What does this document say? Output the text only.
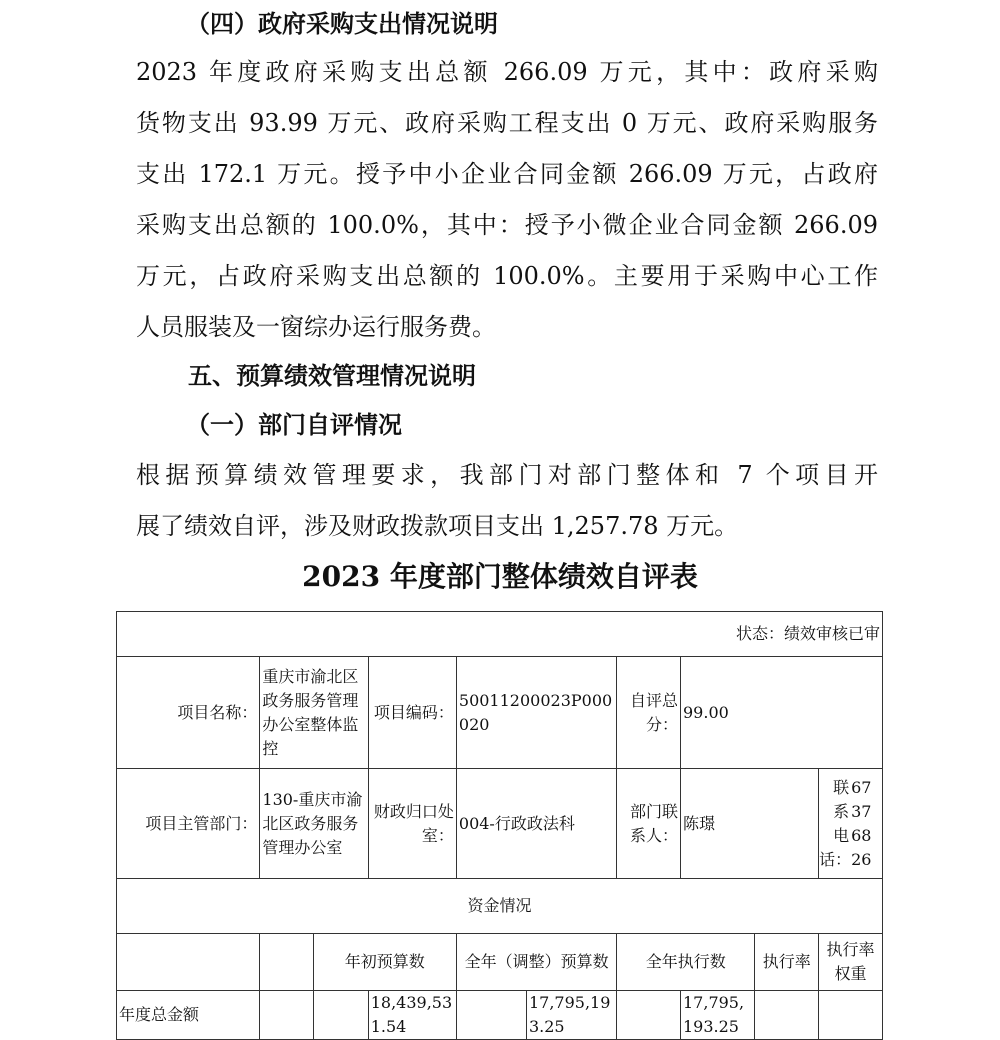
（四）政府采购支出情况说明
2023 年度政府采购支出总额 266.09 万元，其中：政府采购
货物支出 93.99 万元、政府采购工程支出 0 万元、政府采购服务
支出 172.1 万元。授予中小企业合同金额 266.09 万元，占政府
采购支出总额的 100.0%，其中：授予小微企业合同金额 266.09
万元，占政府采购支出总额的 100.0%。主要用于采购中心工作
人员服装及一窗综办运行服务费。
五、预算绩效管理情况说明
（一）部门自评情况
根据预算绩效管理要求，我部门对部门整体和 7 个项目开
展了绩效自评，涉及财政拨款项目支出 1,257.78 万元。
2023 年度部门整体绩效自评表
状态：绩效审核已审									
项目名称：	重庆市渝北区政务服务管理办公室整体监控		项目编码：	50011200023P000020		自评总分：	99.00		
项目主管部门：	130-重庆市渝北区政务服务管理办公室		财政归口处室：	004-行政政法科		部门联系人：	陈璟		联系电话：
67376826

资金情况									
		年初预算数		全年（调整）预算数		全年执行数		执行率	执行率权重
年度总金额			18,439,531.54		17,795,193.25		17,795,193.25		
